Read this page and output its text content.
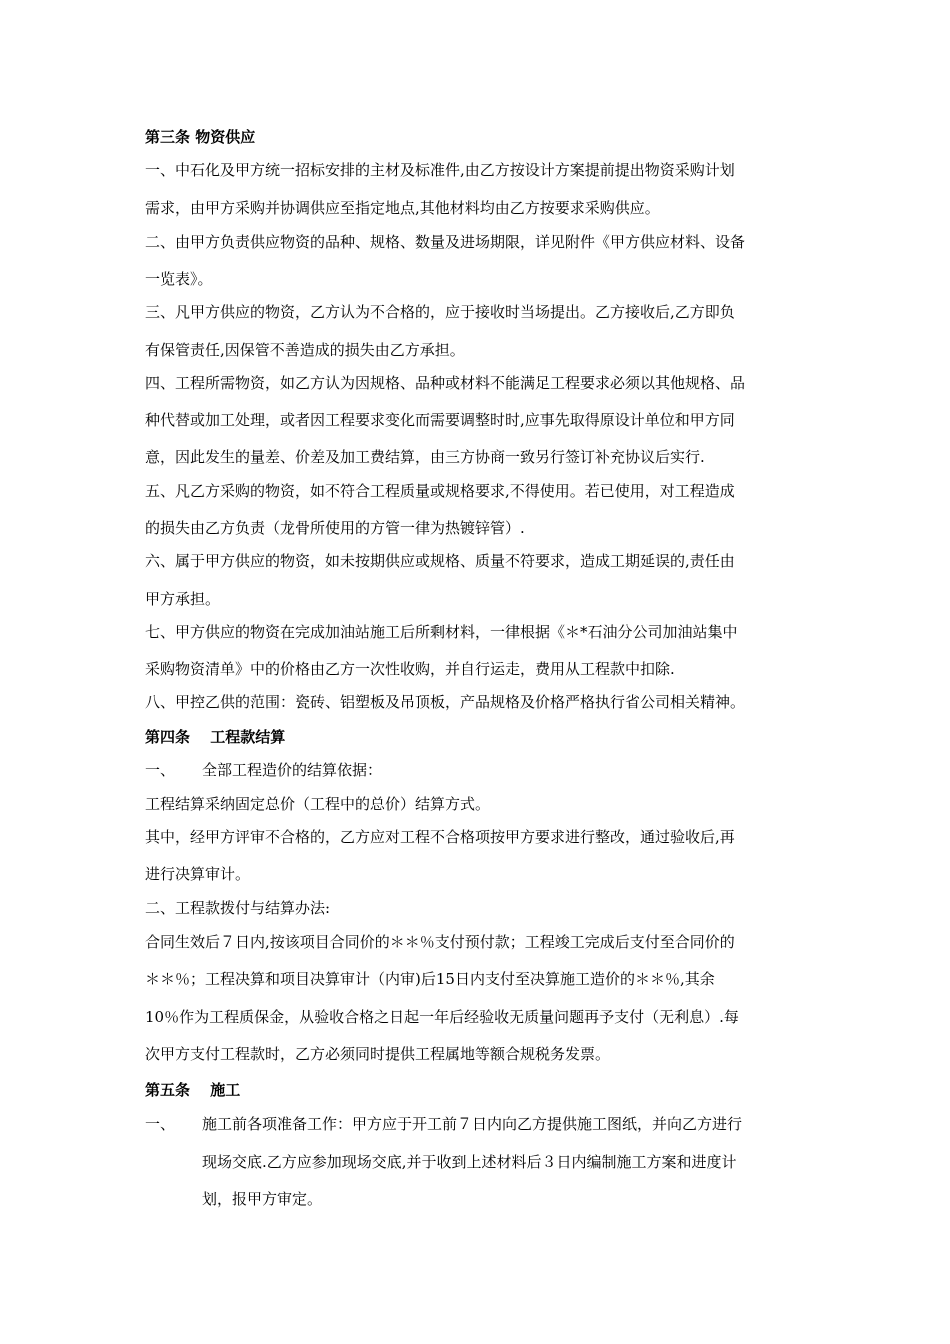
第三条 物资供应
一、中石化及甲方统一招标安排的主材及标准件,由乙方按设计方案提前提出物资采购计划
需求，由甲方采购并协调供应至指定地点,其他材料均由乙方按要求采购供应。
二、由甲方负责供应物资的品种、规格、数量及进场期限，详见附件《甲方供应材料、设备
一览表》。
三、凡甲方供应的物资，乙方认为不合格的，应于接收时当场提出。乙方接收后,乙方即负
有保管责任,因保管不善造成的损失由乙方承担。
四、工程所需物资，如乙方认为因规格、品种或材料不能满足工程要求必须以其他规格、品
种代替或加工处理，或者因工程要求变化而需要调整时时,应事先取得原设计单位和甲方同
意，因此发生的量差、价差及加工费结算，由三方协商一致另行签订补充协议后实行.
五、凡乙方采购的物资，如不符合工程质量或规格要求,不得使用。若已使用，对工程造成
的损失由乙方负责（龙骨所使用的方管一律为热镀锌管）.
六、属于甲方供应的物资，如未按期供应或规格、质量不符要求，造成工期延误的,责任由
甲方承担。
七、甲方供应的物资在完成加油站施工后所剩材料，一律根据《＊*石油分公司加油站集中
采购物资清单》中的价格由乙方一次性收购，并自行运走，费用从工程款中扣除.
八、甲控乙供的范围：瓷砖、铝塑板及吊顶板，产品规格及价格严格执行省公司相关精神。
第四条　 工程款结算
一、 全部工程造价的结算依据：
工程结算采纳固定总价（工程中的总价）结算方式。
其中，经甲方评审不合格的，乙方应对工程不合格项按甲方要求进行整改，通过验收后,再
进行决算审计。
二、工程款拨付与结算办法:
合同生效后７日内,按该项目合同价的＊＊％支付预付款；工程竣工完成后支付至合同价的
＊＊％；工程决算和项目决算审计（内审)后15日内支付至决算施工造价的＊＊％,其余
10％作为工程质保金，从验收合格之日起一年后经验收无质量问题再予支付（无利息）.每
次甲方支付工程款时，乙方必须同时提供工程属地等额合规税务发票。
第五条　 施工
一、 施工前各项准备工作：甲方应于开工前７日内向乙方提供施工图纸，并向乙方进行
现场交底.乙方应参加现场交底,并于收到上述材料后３日内编制施工方案和进度计
划，报甲方审定。
